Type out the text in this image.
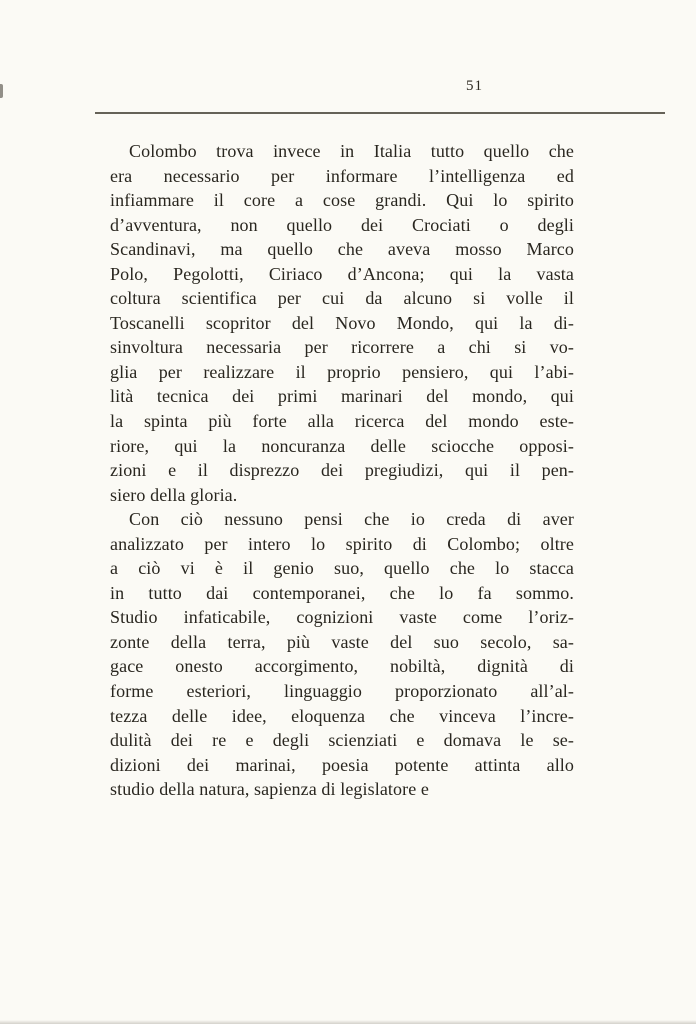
51
Colombo trova invece in Italia tutto quello che
era necessario per informare l’intelligenza ed
infiammare il core a cose grandi. Qui lo spirito
d’avventura, non quello dei Crociati o degli
Scandinavi, ma quello che aveva mosso Marco
Polo, Pegolotti, Ciriaco d’Ancona; qui la vasta
coltura scientifica per cui da alcuno si volle il
Toscanelli scopritor del Novo Mondo, qui la di-
sinvoltura necessaria per ricorrere a chi si vo-
glia per realizzare il proprio pensiero, qui l’abi-
lità tecnica dei primi marinari del mondo, qui
la spinta più forte alla ricerca del mondo este-
riore, qui la noncuranza delle sciocche opposi-
zioni e il disprezzo dei pregiudizi, qui il pen-
siero della gloria.
Con ciò nessuno pensi che io creda di aver
analizzato per intero lo spirito di Colombo; oltre
a ciò vi è il genio suo, quello che lo stacca
in tutto dai contemporanei, che lo fa sommo.
Studio infaticabile, cognizioni vaste come l’oriz-
zonte della terra, più vaste del suo secolo, sa-
gace onesto accorgimento, nobiltà, dignità di
forme esteriori, linguaggio proporzionato all’al-
tezza delle idee, eloquenza che vinceva l’incre-
dulità dei re e degli scienziati e domava le se-
dizioni dei marinai, poesia potente attinta allo
studio della natura, sapienza di legislatore e
